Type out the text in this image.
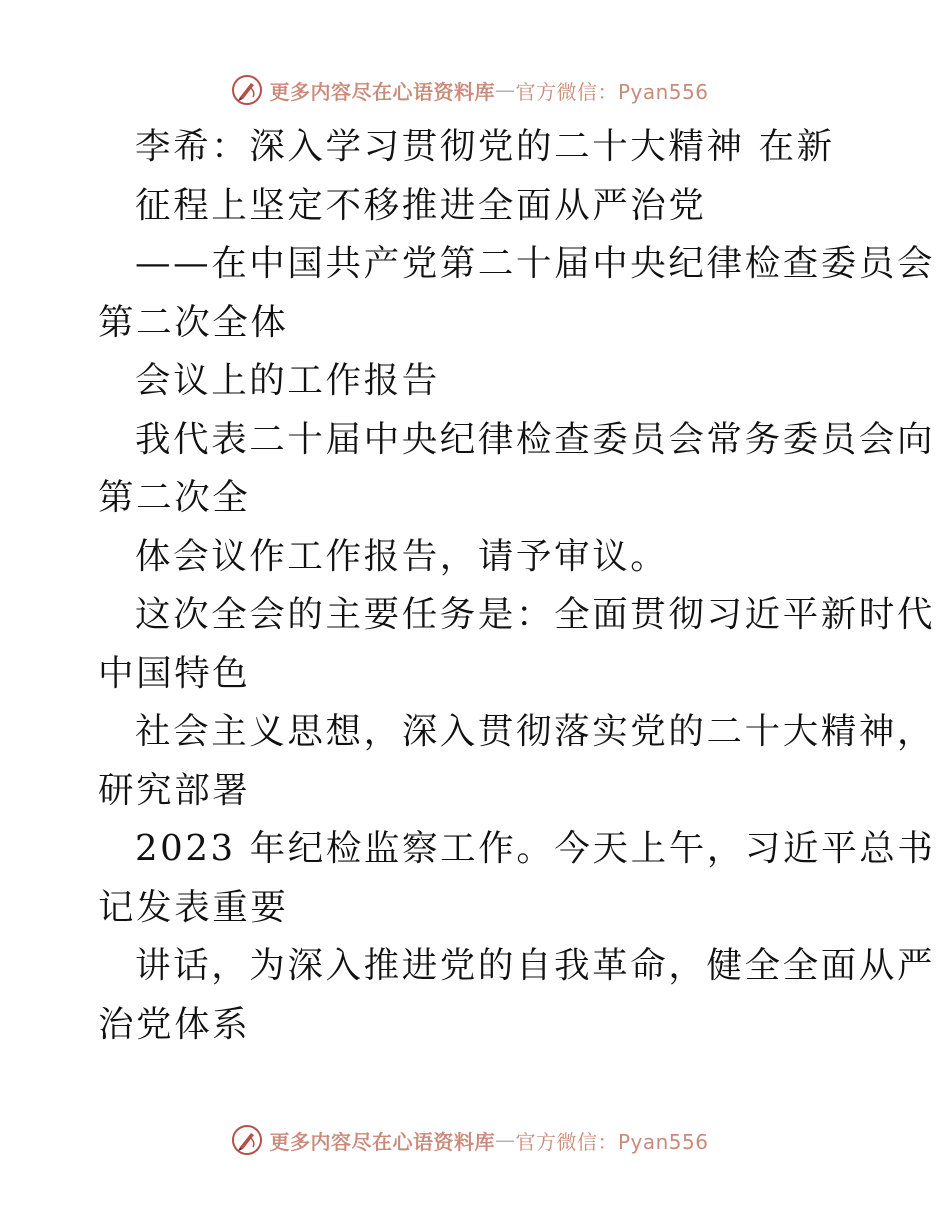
更多内容尽在心语资料库 — 官方微信：Pyan556
李希：深入学习贯彻党的二十大精神 在新
征程上坚定不移推进全面从严治党
——在中国共产党第二十届中央纪律检查委员会
第二次全体
会议上的工作报告
我代表二十届中央纪律检查委员会常务委员会向
第二次全
体会议作工作报告，请予审议。
这次全会的主要任务是：全面贯彻习近平新时代
中国特色
社会主义思想，深入贯彻落实党的二十大精神，
研究部署
2023 年纪检监察工作。今天上午，习近平总书
记发表重要
讲话，为深入推进党的自我革命，健全全面从严
治党体系
更多内容尽在心语资料库 — 官方微信：Pyan556
